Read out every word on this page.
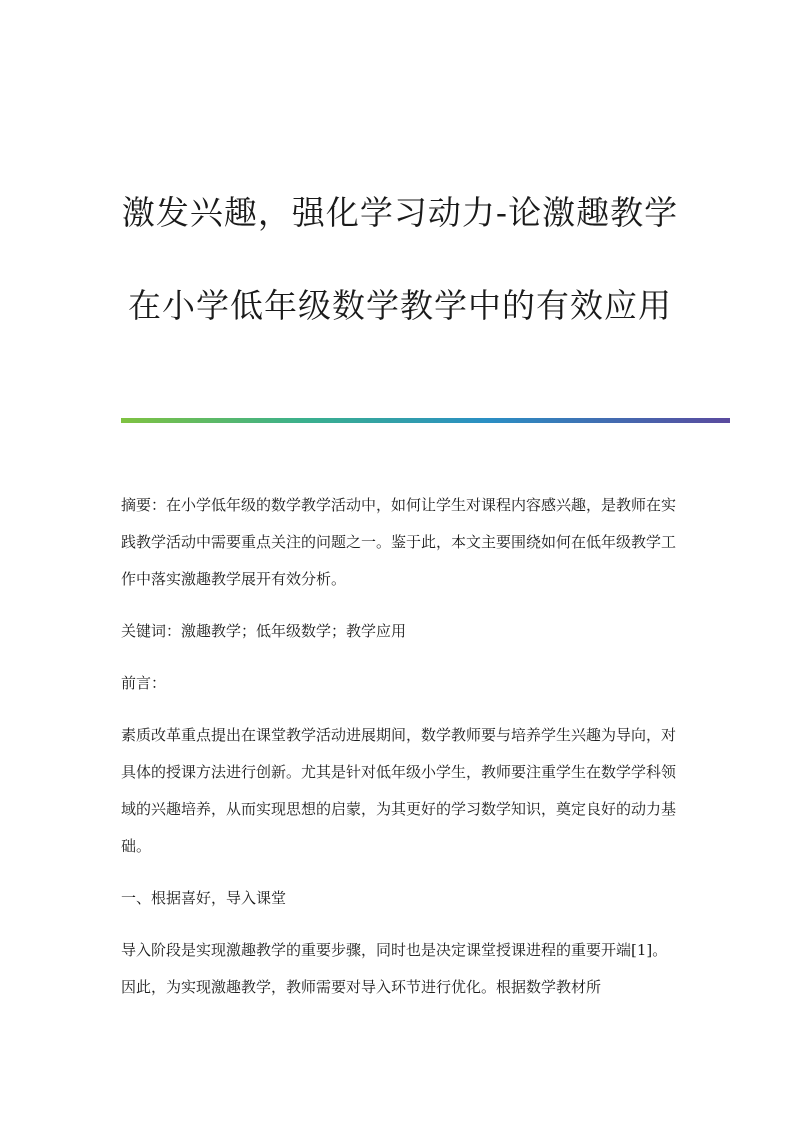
激发兴趣，强化学习动力-论激趣教学
在小学低年级数学教学中的有效应用

摘要：在小学低年级的数学教学活动中，如何让学生对课程内容感兴趣，是教师在实践教学活动中需要重点关注的问题之一。鉴于此，本文主要围绕如何在低年级教学工作中落实激趣教学展开有效分析。

关键词：激趣教学；低年级数学；教学应用

前言：

素质改革重点提出在课堂教学活动进展期间，数学教师要与培养学生兴趣为导向，对具体的授课方法进行创新。尤其是针对低年级小学生，教师要注重学生在数学学科领域的兴趣培养，从而实现思想的启蒙，为其更好的学习数学知识，奠定良好的动力基础。

一、根据喜好，导入课堂

导入阶段是实现激趣教学的重要步骤，同时也是决定课堂授课进程的重要开端[1]。因此，为实现激趣教学，教师需要对导入环节进行优化。根据数学教材所
